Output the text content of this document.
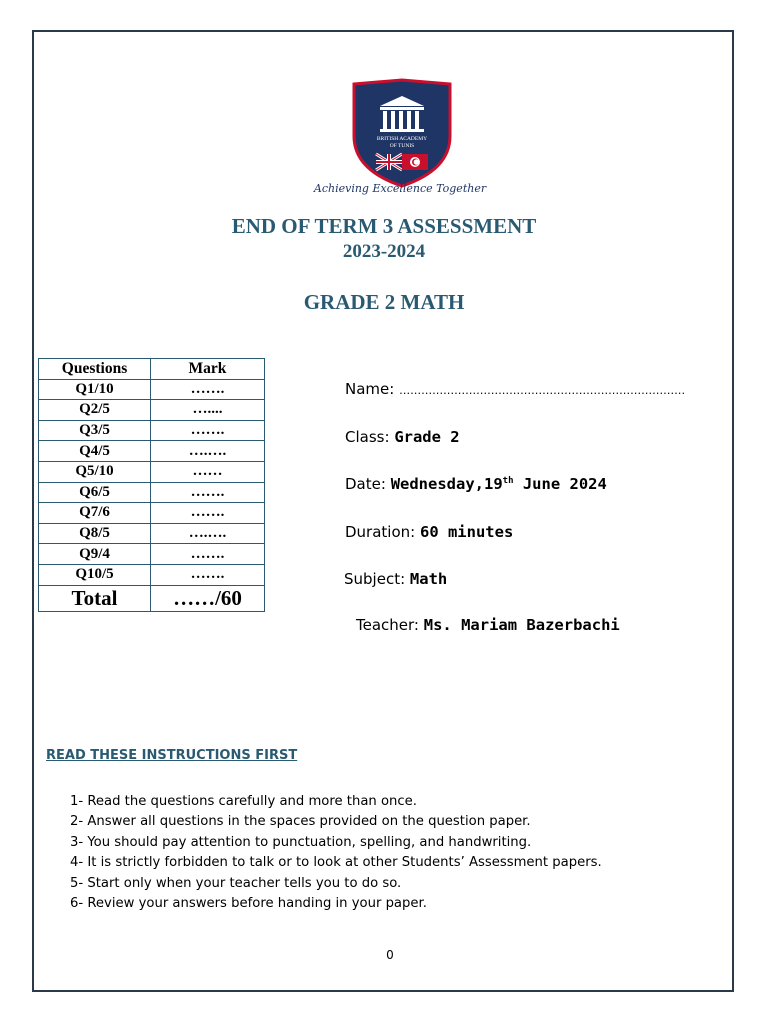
BRITISH ACADEMY
OF TUNIS
Achieving Excellence Together
END OF TERM 3 ASSESSMENT
2023-2024
GRADE 2 MATH
Questions	Mark
Q1/10	…….
Q2/5	…....
Q3/5	…….
Q4/5	….….
Q5/10	……
Q6/5	…….
Q7/6	…….
Q8/5	….….
Q9/4	…….
Q10/5	…….
Total	……/60
Name: ……………………………………………………………………
Class: Grade 2
Date: Wednesday,19th June 2024
Duration: 60 minutes
Subject: Math
Teacher: Ms. Mariam Bazerbachi
READ THESE INSTRUCTIONS FIRST
1- Read the questions carefully and more than once.
2- Answer all questions in the spaces provided on the question paper.
3- You should pay attention to punctuation, spelling, and handwriting.
4- It is strictly forbidden to talk or to look at other Students’ Assessment papers.
5- Start only when your teacher tells you to do so.
6- Review your answers before handing in your paper.
0
